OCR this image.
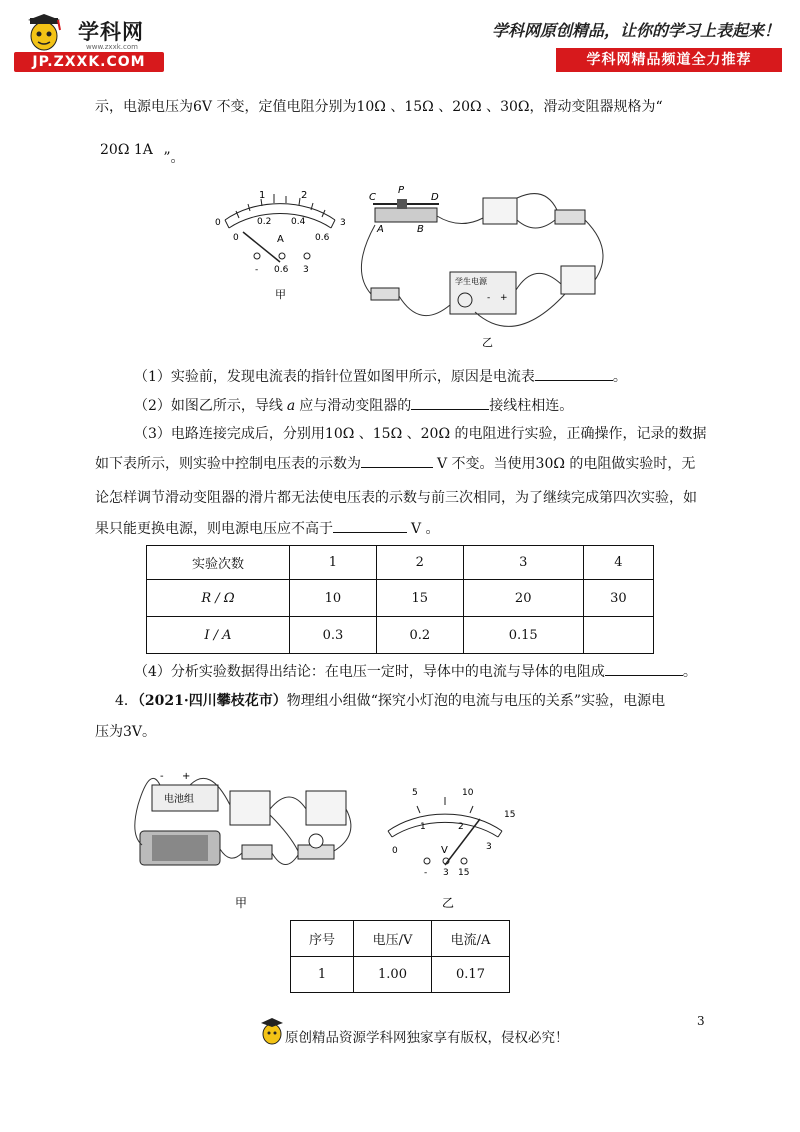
学科网
www.zxxk.com
JP.ZXXK.COM
学科网原创精品，让你的学习上表起来！
学科网精品频道全力推荐
示，电源电压为6V 不变，定值电阻分别为10Ω 、15Ω 、20Ω 、30Ω，滑动变阻器规格为“
20Ω 1A ”。
1	2
0	3
0
0.2 0.4
0.6
A
- 0.6 3
甲
C
P
D
A	B
学生电源
- +
乙
（1）实验前，发现电流表的指针位置如图甲所示，原因是电流表	。
（2）如图乙所示，导线 a 应与滑动变阻器的	接线柱相连。
（3）电路连接完成后，分别用10Ω 、15Ω 、20Ω 的电阻进行实验，正确操作，记录的数据
如下表所示，则实验中控制电压表的示数为	V 不变。当使用30Ω 的电阻做实验时，无
论怎样调节滑动变阻器的滑片都无法使电压表的示数与前三次相同，为了继续完成第四次实验，如
果只能更换电源，则电源电压应不高于	V 。
实验次数	1	2	3	4
R / Ω	10	15	20	30
I / A	0.3	0.2	0.15	
（4）分析实验数据得出结论：在电压一定时，导体中的电流与导体的电阻成	。
4．（2021·四川攀枝花市）物理组小组做“探究小灯泡的电流与电压的关系”实验，电源电
压为3V。
电池组
- +
甲
5	10
15
0
1	2
3
V
- 3 15
乙
序号	电压/V	电流/A
1	1.00	0.17
3
原创精品资源学科网独家享有版权，侵权必究！
